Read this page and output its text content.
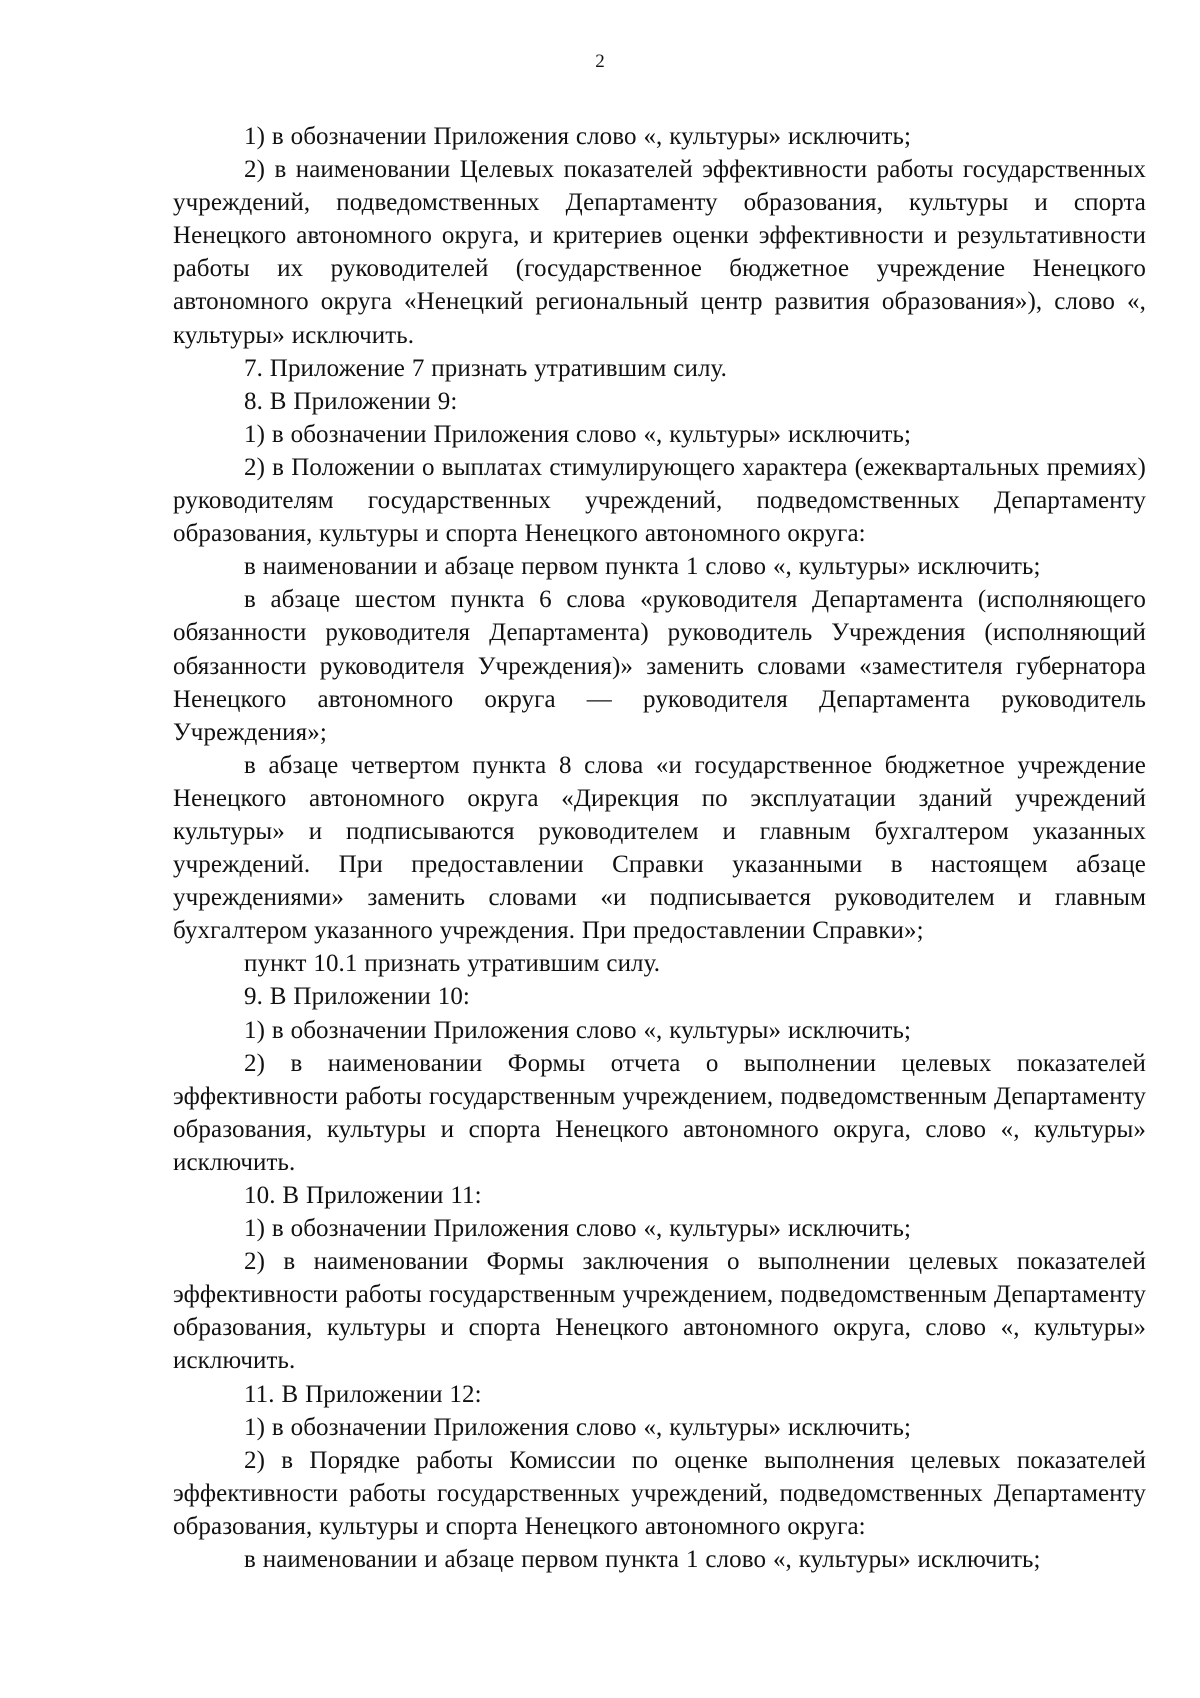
2

1) в обозначении Приложения слово «, культуры» исключить;

2) в наименовании Целевых показателей эффективности работы государственных учреждений, подведомственных Департаменту образования, культуры и спорта Ненецкого автономного округа, и критериев оценки эффективности и результативности работы их руководителей (государственное бюджетное учреждение Ненецкого автономного округа «Ненецкий региональный центр развития образования»), слово «, культуры» исключить.

7. Приложение 7 признать утратившим силу.

8. В Приложении 9:

1) в обозначении Приложения слово «, культуры» исключить;

2) в Положении о выплатах стимулирующего характера (ежеквартальных премиях) руководителям государственных учреждений, подведомственных Департаменту образования, культуры и спорта Ненецкого автономного округа:

в наименовании и абзаце первом пункта 1 слово «, культуры» исключить;

в абзаце шестом пункта 6 слова «руководителя Департамента (исполняющего обязанности руководителя Департамента) руководитель Учреждения (исполняющий обязанности руководителя Учреждения)» заменить словами «заместителя губернатора Ненецкого автономного округа — руководителя Департамента руководитель Учреждения»;

в абзаце четвертом пункта 8 слова «и государственное бюджетное учреждение Ненецкого автономного округа «Дирекция по эксплуатации зданий учреждений культуры» и подписываются руководителем и главным бухгалтером указанных учреждений. При предоставлении Справки указанными в настоящем абзаце учреждениями» заменить словами «и подписывается руководителем и главным бухгалтером указанного учреждения. При предоставлении Справки»;

пункт 10.1 признать утратившим силу.

9. В Приложении 10:

1) в обозначении Приложения слово «, культуры» исключить;

2) в наименовании Формы отчета о выполнении целевых показателей эффективности работы государственным учреждением, подведомственным Департаменту образования, культуры и спорта Ненецкого автономного округа, слово «, культуры» исключить.

10. В Приложении 11:

1) в обозначении Приложения слово «, культуры» исключить;

2) в наименовании Формы заключения о выполнении целевых показателей эффективности работы государственным учреждением, подведомственным Департаменту образования, культуры и спорта Ненецкого автономного округа, слово «, культуры» исключить.

11. В Приложении 12:

1) в обозначении Приложения слово «, культуры» исключить;

2) в Порядке работы Комиссии по оценке выполнения целевых показателей эффективности работы государственных учреждений, подведомственных Департаменту образования, культуры и спорта Ненецкого автономного округа:

в наименовании и абзаце первом пункта 1 слово «, культуры» исключить;
